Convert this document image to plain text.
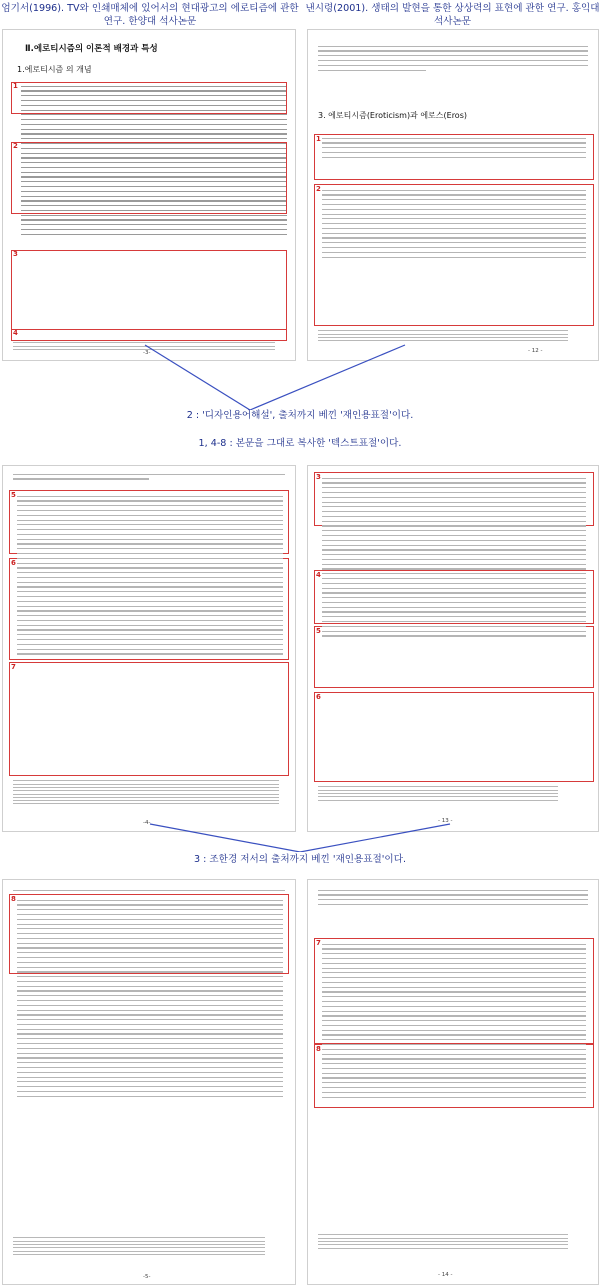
엄기서(1996). TV와 인쇄매체에 있어서의 현대광고의 에로티즘에 관한 연구. 한양대 석사논문
낸시령(2001). 생태의 발현을 통한 상상력의 표현에 관한 연구. 홍익대 석사논문
Ⅱ.에로티시즘의 이론적 배경과 특성
1.에로티시즘 의 개념
1
2
3
4
-3-
3. 에로티시즘(Eroticism)과 에로스(Eros)
1
2
- 12 -
2 : '디자인용어해설', 출처까지 베낀 '재인용표절'이다.
1, 4-8 : 본문을 그대로 복사한 '텍스트표절'이다.
5
6
7
-4-
3
4
5
6
- 13 -
3 : 조한경 저서의 출처까지 베낀 '재인용표절'이다.
8
-5-
7
8
- 14 -
